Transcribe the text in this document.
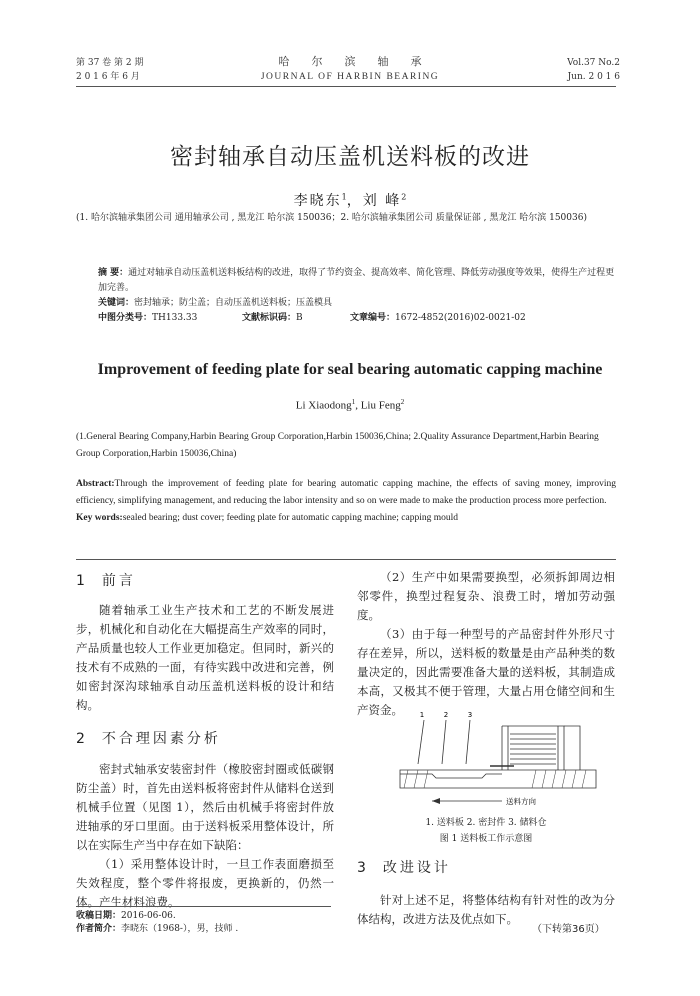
第 37 卷 第 2 期
2 0 1 6 年 6 月
哈尔滨轴承
JOURNAL OF HARBIN BEARING
Vol.37 No.2
Jun. 2 0 1 6
密封轴承自动压盖机送料板的改进
李晓东$^1$，刘 峰$^2$
(1. 哈尔滨轴承集团公司 通用轴承公司 , 黑龙江 哈尔滨 150036；2. 哈尔滨轴承集团公司 质量保证部 , 黑龙江 哈尔滨 150036)
摘 要：通过对轴承自动压盖机送料板结构的改进，取得了节约资金、提高效率、简化管理、降低劳动强度等效果，使得生产过程更加完善。
关键词：密封轴承；防尘盖；自动压盖机送料板；压盖模具
中图分类号：TH133.33	文献标识码：B	文章编号：1672-4852(2016)02-0021-02
Improvement of feeding plate for seal bearing automatic capping machine
Li Xiaodong$^1$, Liu Feng$^2$
(1.General Bearing Company,Harbin Bearing Group Corporation,Harbin 150036,China; 2.Quality Assurance Department,Harbin Bearing Group Corporation,Harbin 150036,China)
Abstract:Through the improvement of feeding plate for bearing automatic capping machine, the effects of saving money, improving efficiency, simplifying management, and reducing the labor intensity and so on were made to make the production process more perfection.
Key words:sealed bearing; dust cover; feeding plate for automatic capping machine; capping mould
1 前言

随着轴承工业生产技术和工艺的不断发展进步，机械化和自动化在大幅提高生产效率的同时，产品质量也较人工作业更加稳定。但同时，新兴的技术有不成熟的一面，有待实践中改进和完善，例如密封深沟球轴承自动压盖机送料板的设计和结构。

2 不合理因素分析

密封式轴承安装密封件（橡胶密封圈或低碳钢防尘盖）时，首先由送料板将密封件从储料仓送到机械手位置（见图 1），然后由机械手将密封件放进轴承的牙口里面。由于送料板采用整体设计，所以在实际生产当中存在如下缺陷：

（1）采用整体设计时，一旦工作表面磨损至失效程度，整个零件将报废，更换新的，仍然一体。产生材料浪费。

（2）生产中如果需要换型，必须拆卸周边相邻零件，换型过程复杂、浪费工时，增加劳动强度。

（3）由于每一种型号的产品密封件外形尺寸存在差异，所以，送料板的数量是由产品种类的数量决定的，因此需要准备大量的送料板，其制造成本高，又极其不便于管理，大量占用仓储空间和生产资金。	1	2	3
送料方向
1. 送料板 2. 密封件 3. 储料仓
图 1 送料板工作示意图
3 改进设计

针对上述不足，将整体结构有针对性的改为分体结构，改进方法及优点如下。

收稿日期：2016-06-06.
作者简介：李晓东（1968-），男，技师 .	（下转第36页）
